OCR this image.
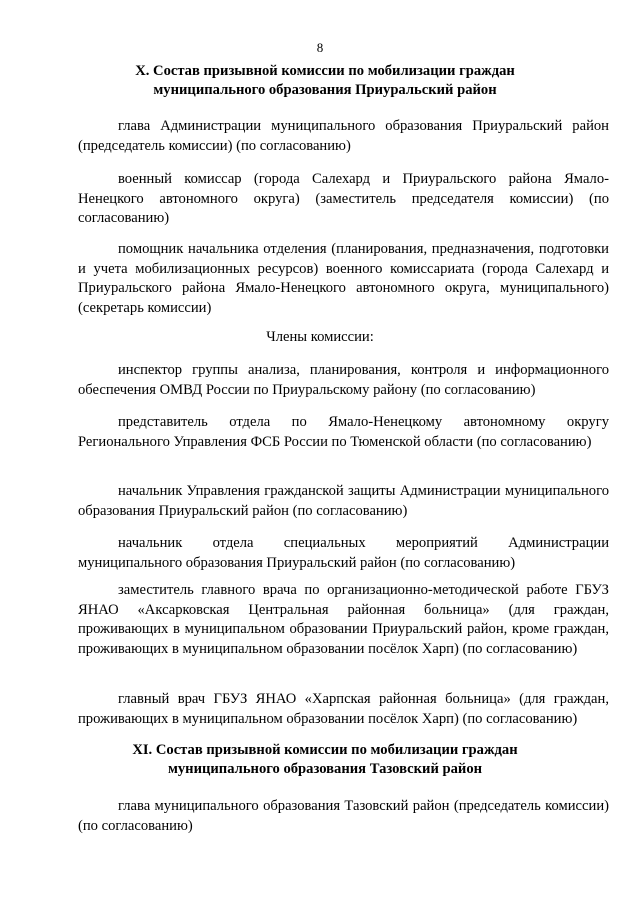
8
X. Состав призывной комиссии по мобилизации граждан
муниципального образования Приуральский район
глава Администрации муниципального образования Приуральский район (председатель комиссии) (по согласованию)
военный комиссар (города Салехард и Приуральского района Ямало-Ненецкого автономного округа) (заместитель председателя комиссии) (по согласованию)
помощник начальника отделения (планирования, предназначения, подготовки и учета мобилизационных ресурсов) военного комиссариата (города Салехард и Приуральского района Ямало-Ненецкого автономного округа, муниципального) (секретарь комиссии)
Члены комиссии:
инспектор группы анализа, планирования, контроля и информационного обеспечения ОМВД России по Приуральскому району (по согласованию)
представитель отдела по Ямало-Ненецкому автономному округу Регионального Управления ФСБ России по Тюменской области (по согласованию)
начальник Управления гражданской защиты Администрации муниципального образования Приуральский район (по согласованию)
начальник отдела специальных мероприятий Администрации муниципального образования Приуральский район (по согласованию)
заместитель главного врача по организационно-методической работе ГБУЗ ЯНАО «Аксарковская Центральная районная больница» (для граждан, проживающих в муниципальном образовании Приуральский район, кроме граждан, проживающих в муниципальном образовании посёлок Харп) (по согласованию)
главный врач ГБУЗ ЯНАО «Харпская районная больница» (для граждан, проживающих в муниципальном образовании посёлок Харп) (по согласованию)
XI. Состав призывной комиссии по мобилизации граждан
муниципального образования Тазовский район
глава муниципального образования Тазовский район (председатель комиссии) (по согласованию)
